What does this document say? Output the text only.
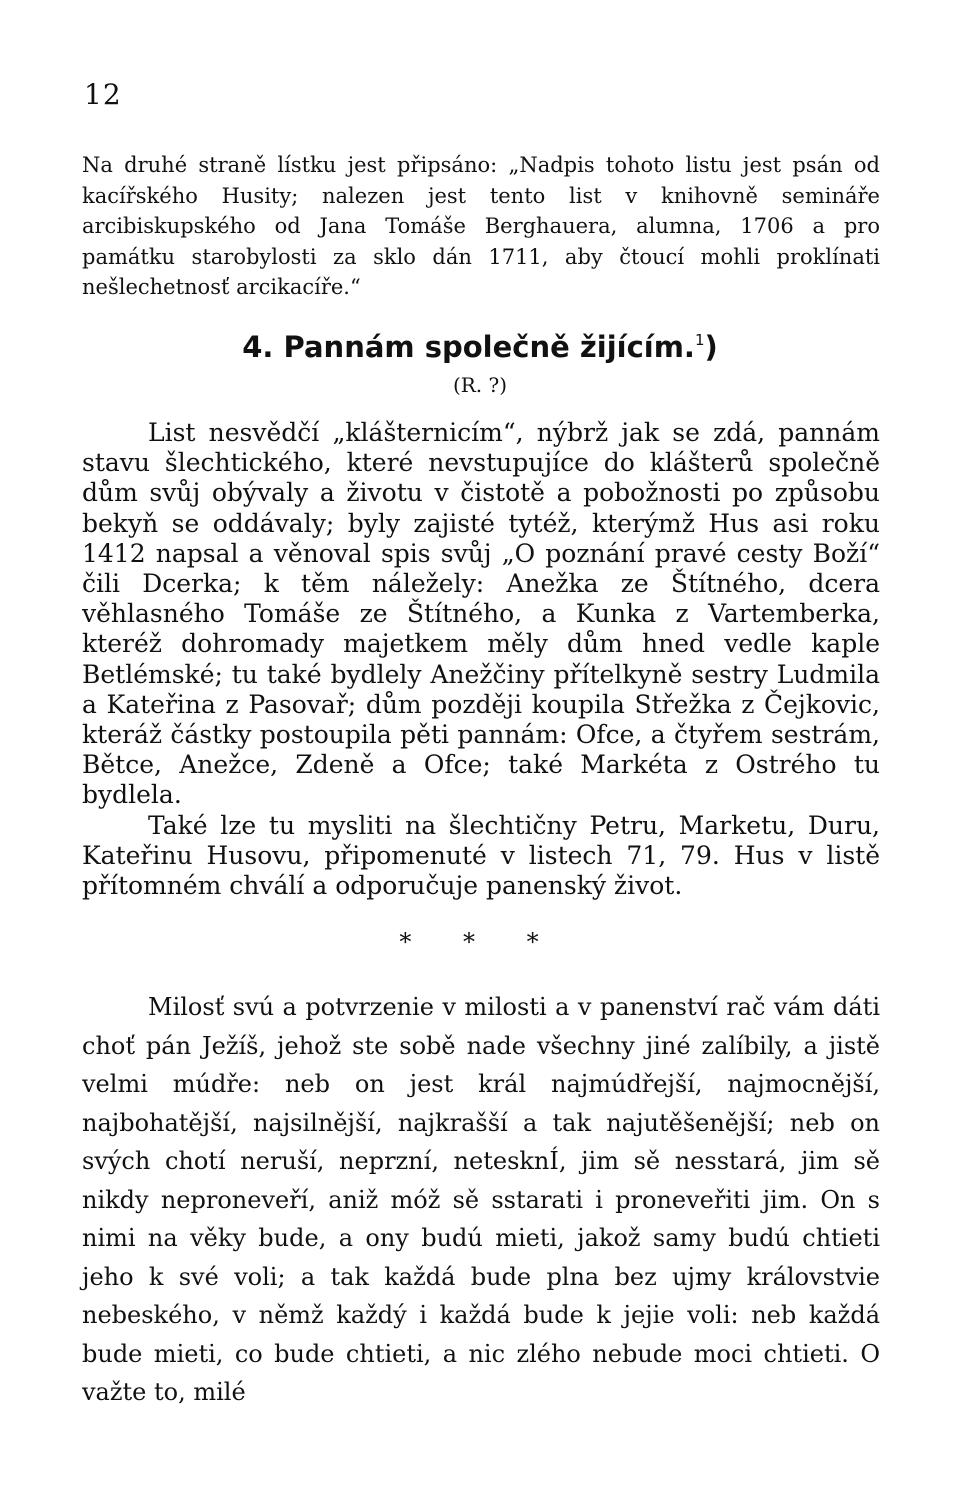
12
Na druhé straně lístku jest připsáno: „Nadpis tohoto listu jest psán od kacířského Husity; nalezen jest tento list v knihovně semináře arcibiskupského od Jana Tomáše Berghauera, alumna, 1706 a pro památku starobylosti za sklo dán 1711, aby čtoucí mohli proklínati nešlechetnosť arcikacíře.“
4. Pannám společně žijícím.$^1$)
(R. ?)

List nesvědčí „klášternicím“, nýbrž jak se zdá, pannám stavu šlechtického, které nevstupujíce do klášterů společně dům svůj obývaly a životu v čistotě a pobožnosti po způsobu bekyň se oddávaly; byly zajisté tytéž, kterýmž Hus asi roku 1412 napsal a věnoval spis svůj „O poznání pravé cesty Boží“ čili Dcerka; k těm náležely: Anežka ze Štítného, dcera věhlasného Tomáše ze Štítného, a Kunka z Vartemberka, kteréž dohromady majetkem měly dům hned vedle kaple Betlémské; tu také bydlely Anežčiny přítelkyně sestry Ludmila a Kateřina z Pasovař; dům později koupila Střežka z Čejkovic, kteráž částky postoupila pěti pannám: Ofce, a čtyřem sestrám, Bětce, Anežce, Zdeně a Ofce; také Markéta z Ostrého tu bydlela.

Také lze tu mysliti na šlechtičny Petru, Marketu, Duru, Kateřinu Husovu, připomenuté v listech 71, 79. Hus v listě přítomném chválí a odporučuje panenský život.

* * *

Milosť svú a potvrzenie v milosti a v panenství rač vám dáti choť pán Ježíš, jehož ste sobě nade všechny jiné zalíbily, a jistě velmi múdře: neb on jest král najmúdřejší, najmocnější, najbohatější, najsilnější, najkrašší a tak najutěšenější; neb on svých chotí neruší, neprzní, netesknÍ, jim sě nesstará, jim sě nikdy neproneveří, aniž móž sě sstarati i proneveřiti jim. On s nimi na věky bude, a ony budú mieti, jakož samy budú chtieti jeho k své voli; a tak každá bude plna bez ujmy královstvie nebeského, v němž každý i každá bude k jejie voli: neb každá bude mieti, co bude chtieti, a nic zlého nebude moci chtieti. O važte to, milé
